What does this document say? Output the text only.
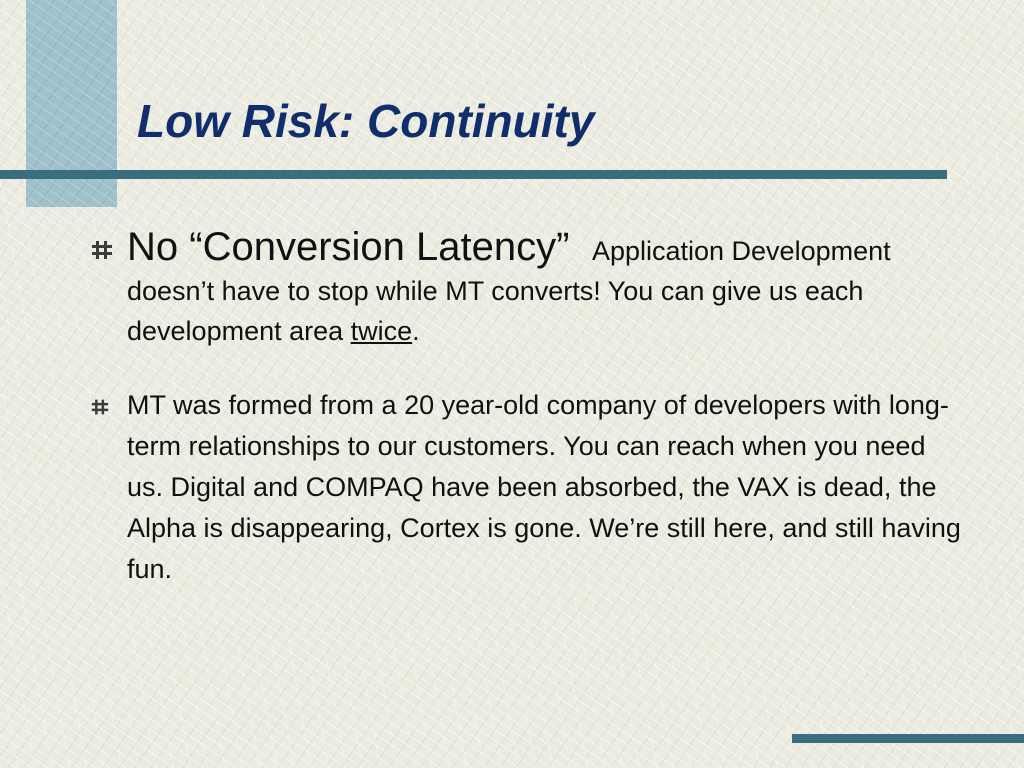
Low Risk: Continuity
No “Conversion Latency” Application Development doesn’t have to stop while MT converts! You can give us each development area twice.
MT was formed from a 20 year-old company of developers with long-term relationships to our customers. You can reach when you need us. Digital and COMPAQ have been absorbed, the VAX is dead, the Alpha is disappearing, Cortex is gone. We’re still here, and still having fun.
